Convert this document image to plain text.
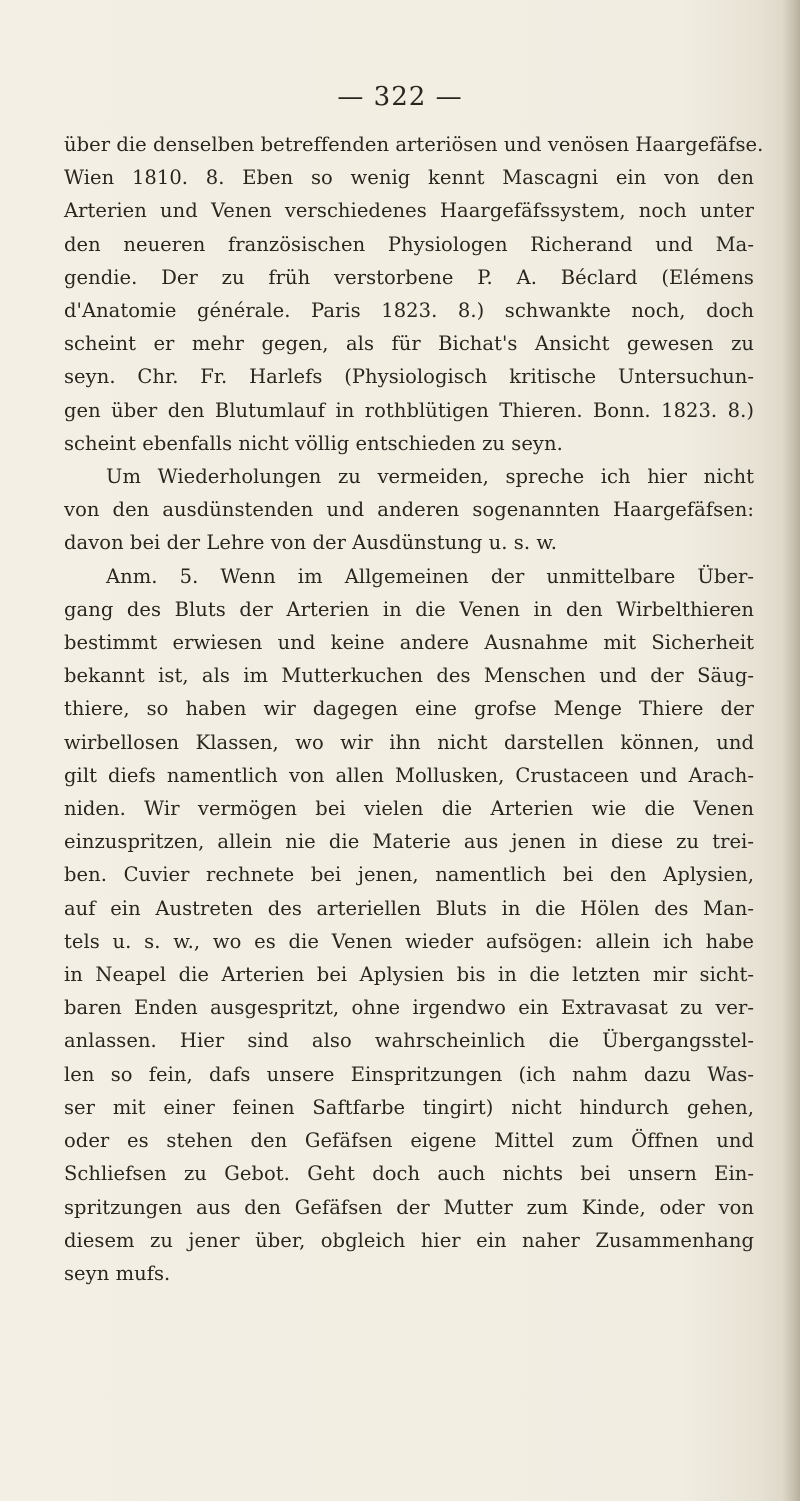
— 322 —
über die denselben betreffenden arteriösen und venösen Haargefäfse.
Wien 1810. 8. Eben so wenig kennt Mascagni ein von den
Arterien und Venen verschiedenes Haargefäfssystem, noch unter
den neueren französischen Physiologen Richerand und Ma-
gendie. Der zu früh verstorbene P. A. Béclard (Elémens
d'Anatomie générale. Paris 1823. 8.) schwankte noch, doch
scheint er mehr gegen, als für Bichat's Ansicht gewesen zu
seyn. Chr. Fr. Harlefs (Physiologisch kritische Untersuchun-
gen über den Blutumlauf in rothblütigen Thieren. Bonn. 1823. 8.)
scheint ebenfalls nicht völlig entschieden zu seyn.
Um Wiederholungen zu vermeiden, spreche ich hier nicht
von den ausdünstenden und anderen sogenannten Haargefäfsen:
davon bei der Lehre von der Ausdünstung u. s. w.
Anm. 5. Wenn im Allgemeinen der unmittelbare Über-
gang des Bluts der Arterien in die Venen in den Wirbelthieren
bestimmt erwiesen und keine andere Ausnahme mit Sicherheit
bekannt ist, als im Mutterkuchen des Menschen und der Säug-
thiere, so haben wir dagegen eine grofse Menge Thiere der
wirbellosen Klassen, wo wir ihn nicht darstellen können, und
gilt diefs namentlich von allen Mollusken, Crustaceen und Arach-
niden. Wir vermögen bei vielen die Arterien wie die Venen
einzuspritzen, allein nie die Materie aus jenen in diese zu trei-
ben. Cuvier rechnete bei jenen, namentlich bei den Aplysien,
auf ein Austreten des arteriellen Bluts in die Hölen des Man-
tels u. s. w., wo es die Venen wieder aufsögen: allein ich habe
in Neapel die Arterien bei Aplysien bis in die letzten mir sicht-
baren Enden ausgespritzt, ohne irgendwo ein Extravasat zu ver-
anlassen. Hier sind also wahrscheinlich die Übergangsstel-
len so fein, dafs unsere Einspritzungen (ich nahm dazu Was-
ser mit einer feinen Saftfarbe tingirt) nicht hindurch gehen,
oder es stehen den Gefäfsen eigene Mittel zum Öffnen und
Schliefsen zu Gebot. Geht doch auch nichts bei unsern Ein-
spritzungen aus den Gefäfsen der Mutter zum Kinde, oder von
diesem zu jener über, obgleich hier ein naher Zusammenhang
seyn mufs.
